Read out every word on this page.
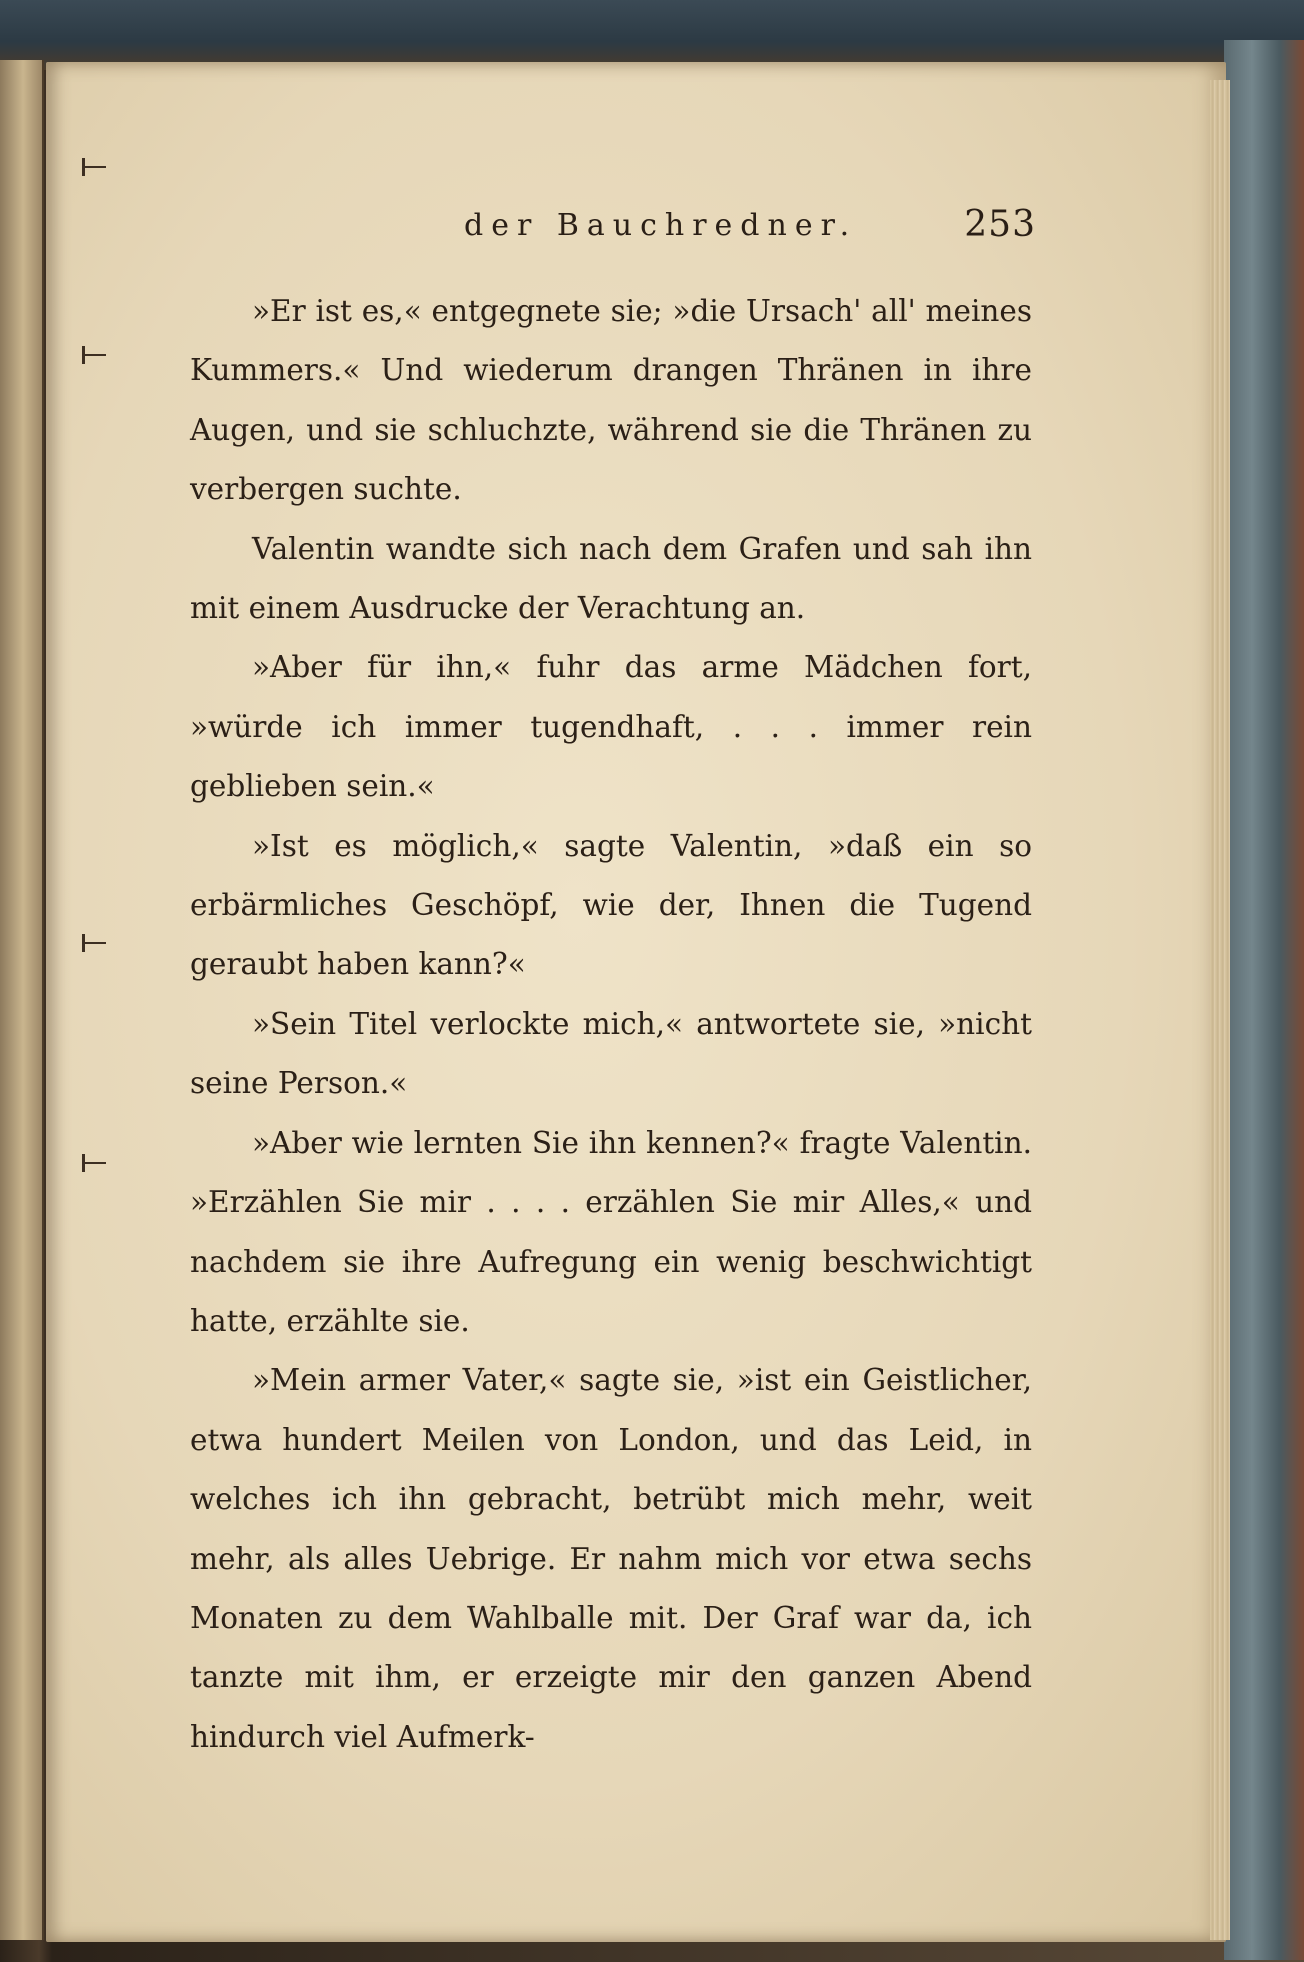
der Bauchredner.	253

»Er ist es,« entgegnete sie; »die Ursach' all' meines Kummers.« Und wiederum drangen Thränen in ihre Augen, und sie schluchzte, während sie die Thränen zu verbergen suchte.

Valentin wandte sich nach dem Grafen und sah ihn mit einem Ausdrucke der Verachtung an.

»Aber für ihn,« fuhr das arme Mädchen fort, »würde ich immer tugendhaft, . . . immer rein geblieben sein.«

»Ist es möglich,« sagte Valentin, »daß ein so erbärmliches Geschöpf, wie der, Ihnen die Tugend geraubt haben kann?«

»Sein Titel verlockte mich,« antwortete sie, »nicht seine Person.«

»Aber wie lernten Sie ihn kennen?« fragte Valentin. »Erzählen Sie mir . . . . erzählen Sie mir Alles,« und nachdem sie ihre Aufregung ein wenig beschwichtigt hatte, erzählte sie.

»Mein armer Vater,« sagte sie, »ist ein Geistlicher, etwa hundert Meilen von London, und das Leid, in welches ich ihn gebracht, betrübt mich mehr, weit mehr, als alles Uebrige. Er nahm mich vor etwa sechs Monaten zu dem Wahlballe mit. Der Graf war da, ich tanzte mit ihm, er erzeigte mir den ganzen Abend hindurch viel Aufmerk-
